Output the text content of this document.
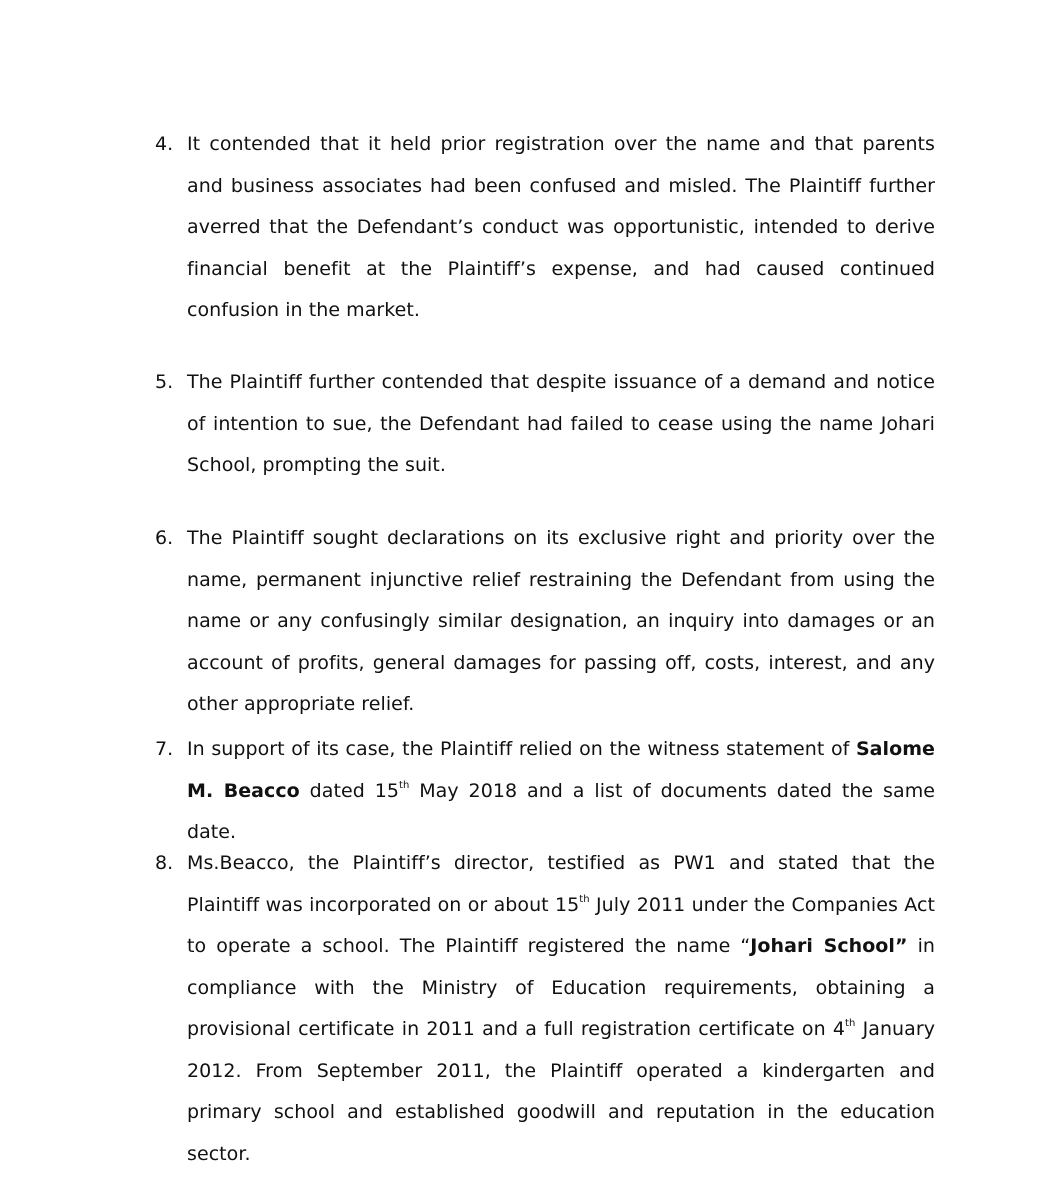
4. It contended that it held prior registration over the name and that parents and business associates had been confused and misled. The Plaintiff further averred that the Defendant’s conduct was opportunistic, intended to derive financial benefit at the Plaintiff’s expense, and had caused continued confusion in the market.

5. The Plaintiff further contended that despite issuance of a demand and notice of intention to sue, the Defendant had failed to cease using the name Johari School, prompting the suit.

6. The Plaintiff sought declarations on its exclusive right and priority over the name, permanent injunctive relief restraining the Defendant from using the name or any confusingly similar designation, an inquiry into damages or an account of profits, general damages for passing off, costs, interest, and any other appropriate relief.

7. In support of its case, the Plaintiff relied on the witness statement of Salome M. Beacco dated 15th May 2018 and a list of documents dated the same date.

8. Ms.Beacco, the Plaintiff’s director, testified as PW1 and stated that the Plaintiff was incorporated on or about 15th July 2011 under the Companies Act to operate a school. The Plaintiff registered the name “Johari School” in compliance with the Ministry of Education requirements, obtaining a provisional certificate in 2011 and a full registration certificate on 4th January 2012. From September 2011, the Plaintiff operated a kindergarten and primary school and established goodwill and reputation in the education sector.
